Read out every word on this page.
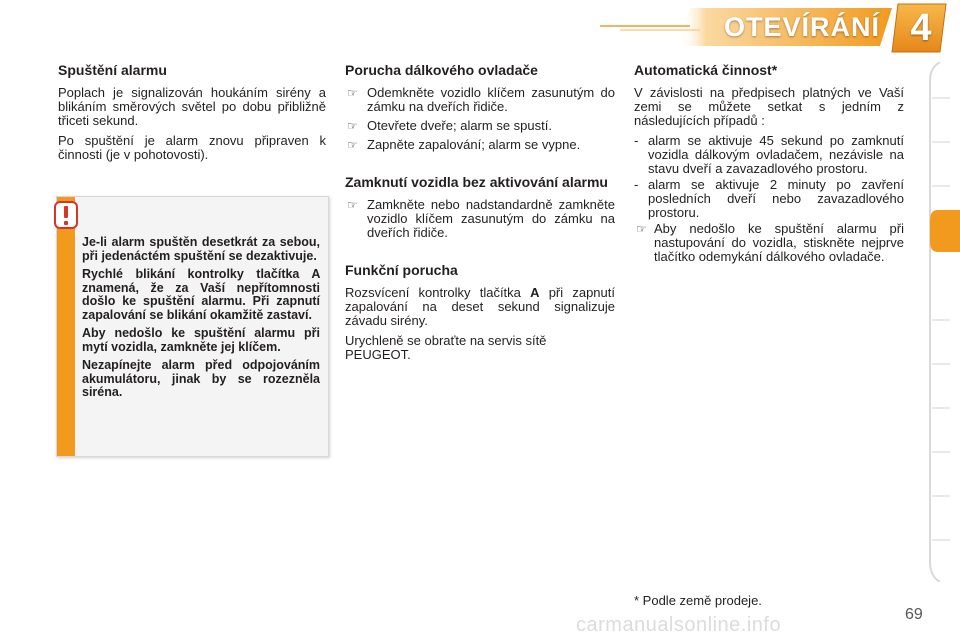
OTEVÍRÁNÍ 4
Spuštění alarmu

Poplach je signalizován houkáním sirény a blikáním směrových světel po dobu přibližně třiceti sekund.

Po spuštění je alarm znovu připraven k činnosti (je v pohotovosti).

Je-li alarm spuštěn desetkrát za sebou, při jedenáctém spuštění se dezaktivuje.

Rychlé blikání kontrolky tlačítka A znamená, že za Vaší nepřítomnosti došlo ke spuštění alarmu. Při zapnutí zapalování se blikání okamžitě zastaví.

Aby nedošlo ke spuštění alarmu při mytí vozidla, zamkněte jej klíčem.

Nezapínejte alarm před odpojováním akumulátoru, jinak by se rozezněla siréna.

Porucha dálkového ovladače
☞ Odemkněte vozidlo klíčem zasunutým do zámku na dveřích řidiče.
☞ Otevřete dveře; alarm se spustí.
☞ Zapněte zapalování; alarm se vypne.
Zamknutí vozidla bez aktivování alarmu
☞ Zamkněte nebo nadstandardně zamkněte vozidlo klíčem zasunutým do zámku na dveřích řidiče.
Funkční porucha

Rozsvícení kontrolky tlačítka A při zapnutí zapalování na deset sekund signalizuje závadu sirény.

Urychleně se obraťte na servis sítě PEUGEOT.

Automatická činnost*

V závislosti na předpisech platných ve Vaší zemi se můžete setkat s jedním z následujících případů :

- alarm se aktivuje 45 sekund po zamknutí vozidla dálkovým ovladačem, nezávisle na stavu dveří a zavazadlového prostoru.
- alarm se aktivuje 2 minuty po zavření posledních dveří nebo zavazadlového prostoru.
☞ Aby nedošlo ke spuštění alarmu při nastupování do vozidla, stiskněte nejprve tlačítko odemykání dálkového ovladače.
* Podle země prodeje.
carmanualsonline.info	69
